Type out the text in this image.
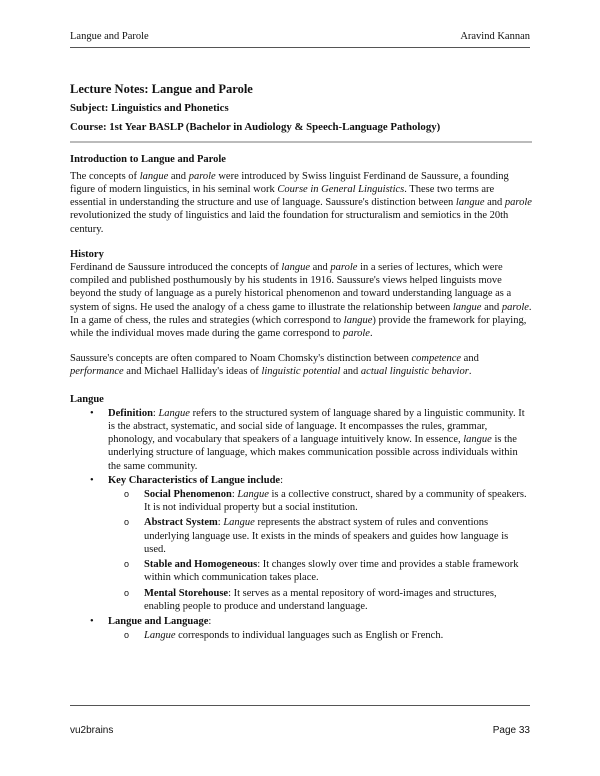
Langue and Parole	Aravind Kannan
Lecture Notes: Langue and Parole
Subject: Linguistics and Phonetics
Course: 1st Year BASLP (Bachelor in Audiology & Speech-Language Pathology)
Introduction to Langue and Parole

The concepts of langue and parole were introduced by Swiss linguist Ferdinand de Saussure, a founding figure of modern linguistics, in his seminal work Course in General Linguistics. These two terms are essential in understanding the structure and use of language. Saussure's distinction between langue and parole revolutionized the study of linguistics and laid the foundation for structuralism and semiotics in the 20th century.

History

Ferdinand de Saussure introduced the concepts of langue and parole in a series of lectures, which were compiled and published posthumously by his students in 1916. Saussure's views helped linguists move beyond the study of language as a purely historical phenomenon and toward understanding language as a system of signs. He used the analogy of a chess game to illustrate the relationship between langue and parole. In a game of chess, the rules and strategies (which correspond to langue) provide the framework for playing, while the individual moves made during the game correspond to parole.

Saussure's concepts are often compared to Noam Chomsky's distinction between competence and performance and Michael Halliday's ideas of linguistic potential and actual linguistic behavior.

Langue
• Definition: Langue refers to the structured system of language shared by a linguistic community. It is the abstract, systematic, and social side of language. It encompasses the rules, grammar, phonology, and vocabulary that speakers of a language intuitively know. In essence, langue is the underlying structure of language, which makes communication possible across individuals within the same community.
• Key Characteristics of Langue include:
o Social Phenomenon: Langue is a collective construct, shared by a community of speakers. It is not individual property but a social institution.
o Abstract System: Langue represents the abstract system of rules and conventions underlying language use. It exists in the minds of speakers and guides how language is used.
o Stable and Homogeneous: It changes slowly over time and provides a stable framework within which communication takes place.
o Mental Storehouse: It serves as a mental repository of word-images and structures, enabling people to produce and understand language.
• Langue and Language:
o Langue corresponds to individual languages such as English or French.
vu2brains	Page 33
